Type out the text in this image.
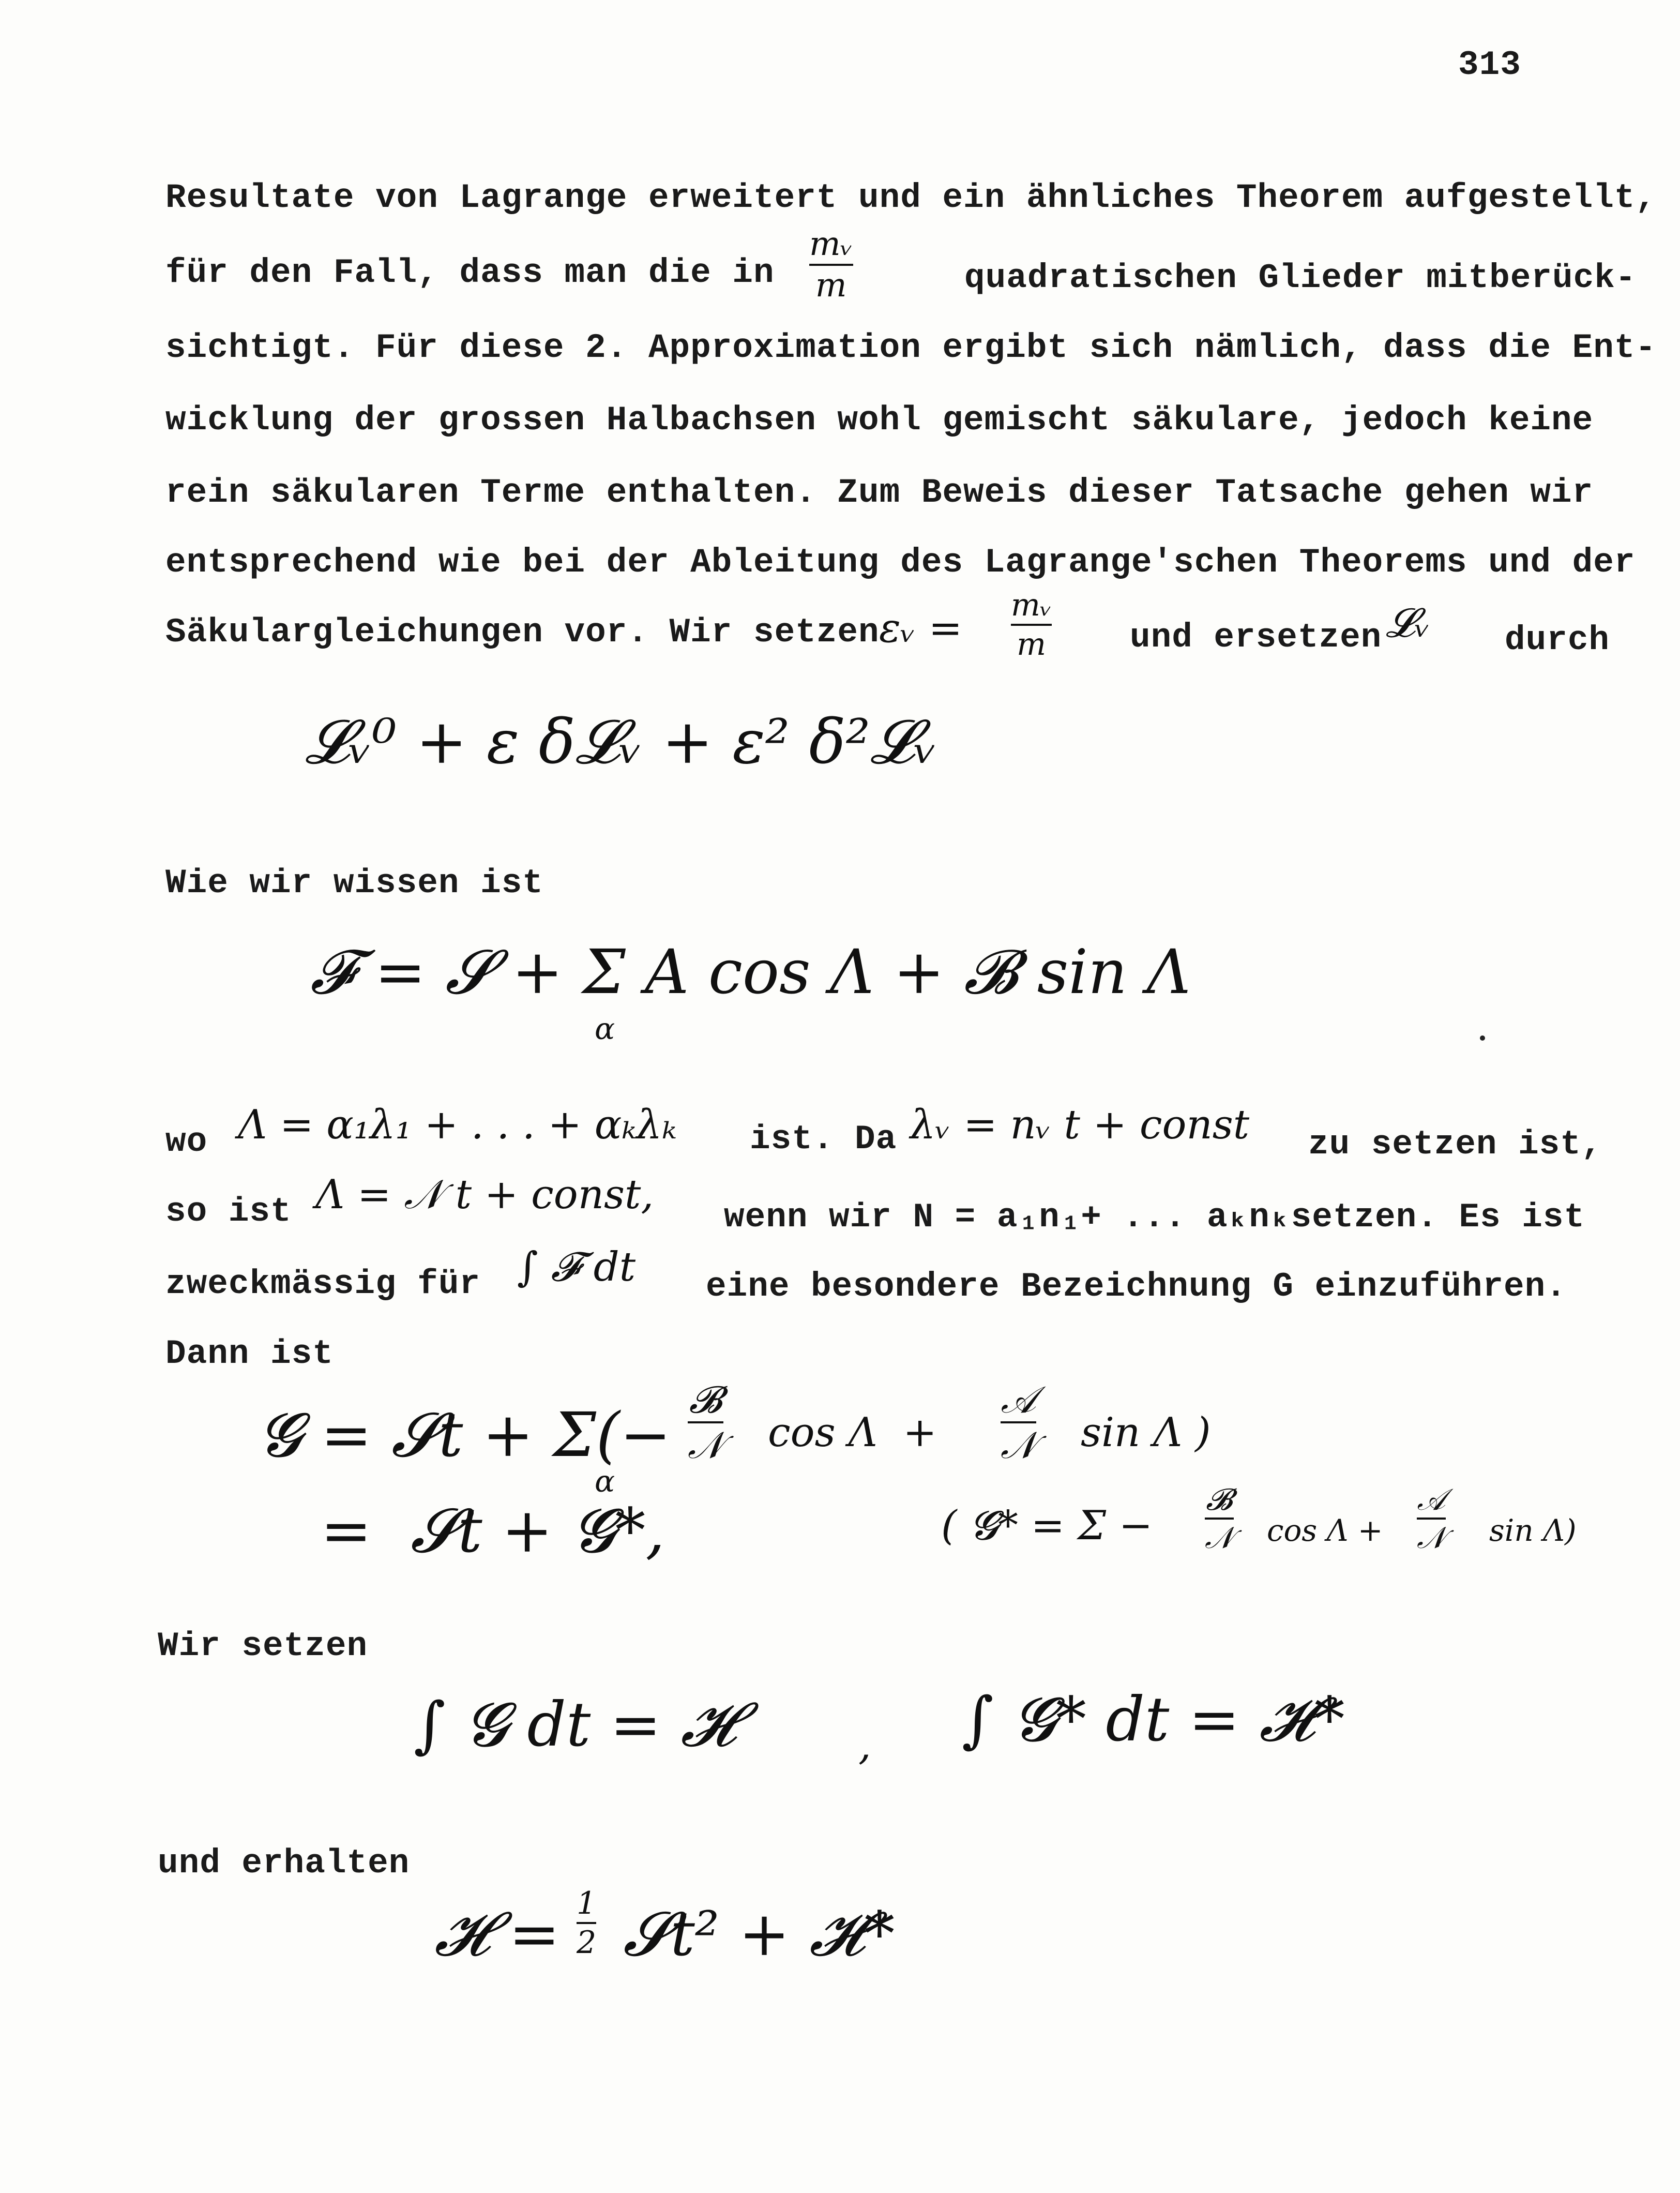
313
Resultate von Lagrange erweitert und ein ähnliches Theorem aufgestellt,
für den Fall, dass man die in
mᵥ
m	quadratischen Glieder mitberück-
sichtigt. Für diese 2. Approximation ergibt sich nämlich, dass die Ent-
wicklung der grossen Halbachsen wohl gemischt säkulare, jedoch keine
rein säkularen Terme enthalten. Zum Beweis dieser Tatsache gehen wir
entsprechend wie bei der Ableitung des Lagrange'schen Theorems und der
Säkulargleichungen vor. Wir setzen εᵥ = mᵥ
m und ersetzen 𝓛ᵥ durch
𝓛ᵥ⁰ + ε δ𝓛ᵥ + ε² δ²𝓛ᵥ
Wie wir wissen ist
𝓕 = 𝓢 + Σ A cos Λ + 𝓑 sin Λ
α
wo Λ = α₁λ₁ + . . . + αₖλₖ ist. Da λᵥ = nᵥ t + const zu setzen ist,
so ist Λ = 𝒩 t + const, wenn wir N = a₁n₁+ ... aₖnₖsetzen. Es ist
zweckmässig für ∫ 𝓕 dt eine besondere Bezeichnung G einzuführen.
Dann ist
𝓖 = 𝓢t + Σ(− 𝓑
𝒩 cos Λ  +
𝒜
𝒩 sin Λ )
α
=  𝓢t + 𝓖*,	( 𝓖* = Σ −
𝓑
𝒩 cos Λ +
𝒜
𝒩 sin Λ)
Wir setzen
∫ 𝓖 dt = 𝓗	, ∫ 𝓖* dt = 𝓗*
und erhalten
𝓗 = 1
2 𝓢t² + 𝓗*
